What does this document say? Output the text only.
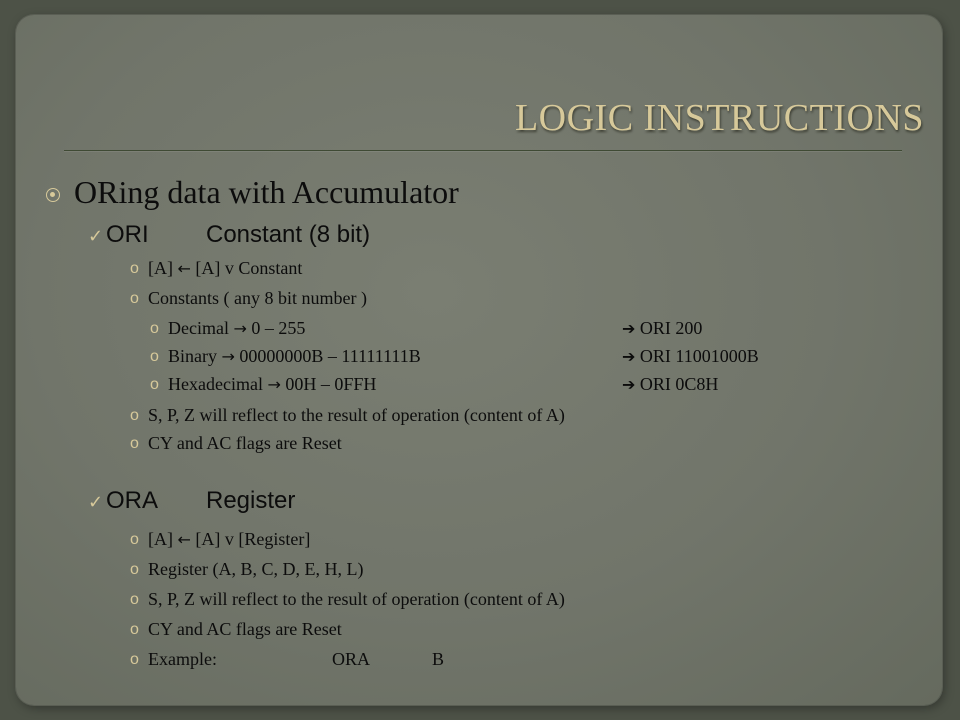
LOGIC INSTRUCTIONS
ORing data with Accumulator
✓ ORI Constant (8 bit)
o [A] ← [A] v Constant
o Constants ( any 8 bit number )
o Decimal → 0 – 255	➔ ORI 200
o Binary → 00000000B – 11111111B	➔ ORI 11001000B
o Hexadecimal → 00H – 0FFH	➔ ORI 0C8H
o S, P, Z will reflect to the result of operation (content of A)
o CY and AC flags are Reset
✓ ORA Register
o [A] ← [A] v [Register]
o Register (A, B, C, D, E, H, L)
o S, P, Z will reflect to the result of operation (content of A)
o CY and AC flags are Reset
o Example:	ORA	B
